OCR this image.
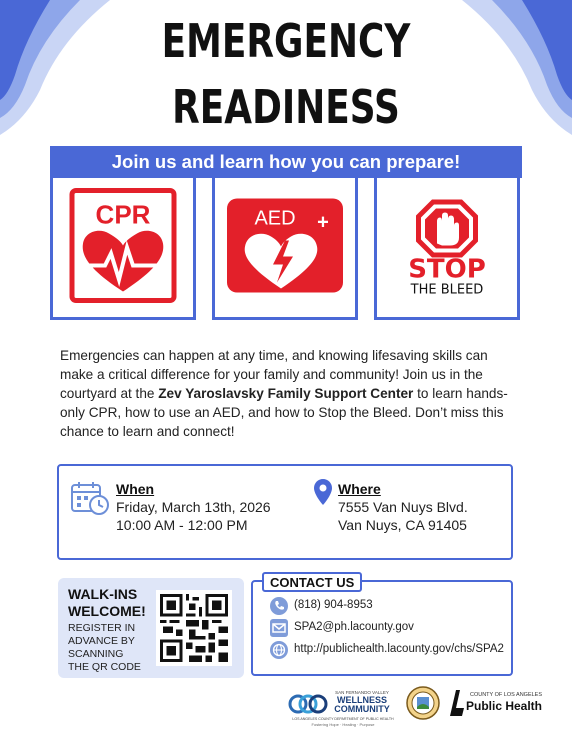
EMERGENCY
READINESS
Join us and learn how you can prepare!
CPR	AED +
STOP
THE BLEED
Emergencies can happen at any time, and knowing lifesaving skills can make a critical difference for your family and community! Join us in the courtyard at the Zev Yaroslavsky Family Support Center to learn hands-only CPR, how to use an AED, and how to Stop the Bleed. Don’t miss this chance to learn and connect!
When
Friday, March 13th, 2026
10:00 AM - 12:00 PM
Where
7555 Van Nuys Blvd.
Van Nuys, CA 91405
WALK-INS
WELCOME!
REGISTER IN
ADVANCE BY
SCANNING
THE QR CODE
CONTACT US
(818) 904-8953
SPA2@ph.lacounty.gov
http://publichealth.lacounty.gov/chs/SPA2
SAN FERNANDO VALLEY
WELLNESS
COMMUNITY
LOS ANGELES COUNTY DEPARTMENT OF PUBLIC HEALTH
Fostering Hope · Healing · Purpose
COUNTY OF LOS ANGELES
Public Health
